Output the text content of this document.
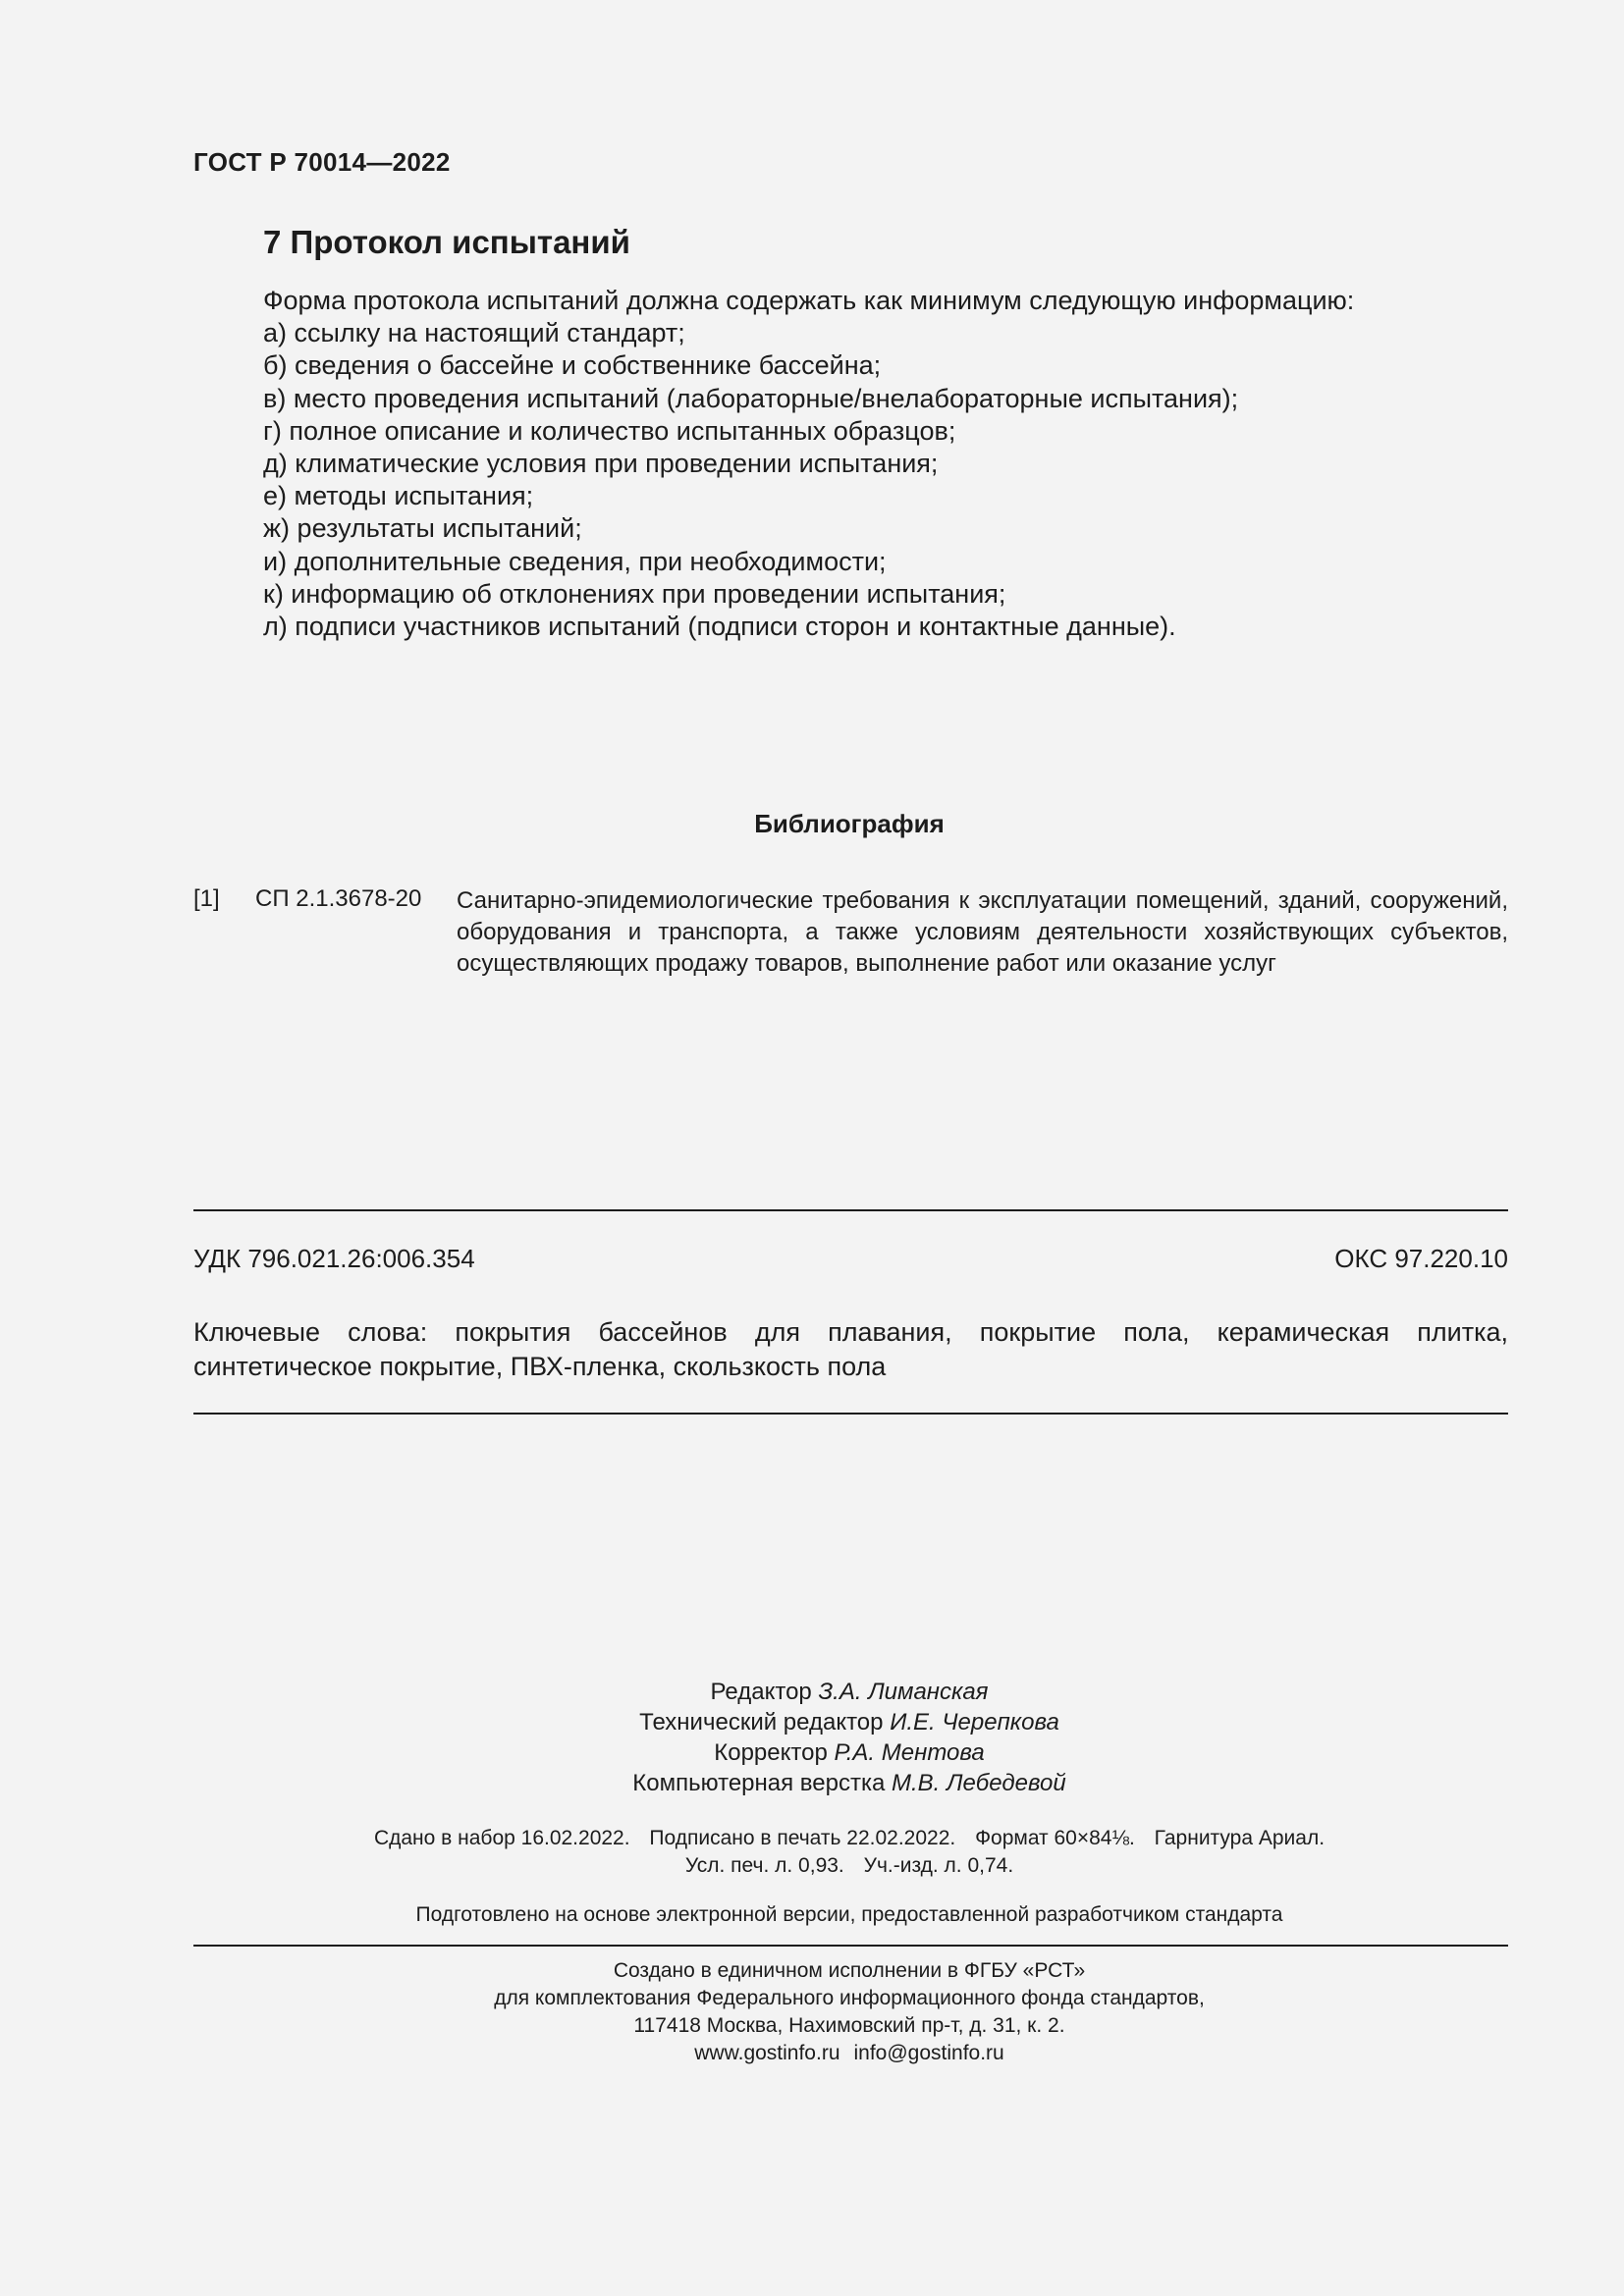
ГОСТ Р 70014—2022
7 Протокол испытаний
Форма протокола испытаний должна содержать как минимум следующую информацию:
а) ссылку на настоящий стандарт;
б) сведения о бассейне и собственнике бассейна;
в) место проведения испытаний (лабораторные/внелабораторные испытания);
г) полное описание и количество испытанных образцов;
д) климатические условия при проведении испытания;
е) методы испытания;
ж) результаты испытаний;
и) дополнительные сведения, при необходимости;
к) информацию об отклонениях при проведении испытания;
л) подписи участников испытаний (подписи сторон и контактные данные).
Библиография
[1] СП 2.1.3678-20 Санитарно-эпидемиологические требования к эксплуатации помещений, зданий, сооружений, оборудования и транспорта, а также условиям деятельности хозяйствующих субъектов, осуществляющих продажу товаров, выполнение работ или оказание услуг
УДК 796.021.26:006.354	ОКС 97.220.10
Ключевые слова: покрытия бассейнов для плавания, покрытие пола, керамическая плитка, синтетическое покрытие, ПВХ-пленка, скользкость пола
Редактор З.А. Лиманская
Технический редактор И.Е. Черепкова
Корректор Р.А. Ментова
Компьютерная верстка М.В. Лебедевой
Сдано в набор 16.02.2022. Подписано в печать 22.02.2022. Формат 60×84⅛. Гарнитура Ариал.
Усл. печ. л. 0,93. Уч.-изд. л. 0,74.
Подготовлено на основе электронной версии, предоставленной разработчиком стандарта
Создано в единичном исполнении в ФГБУ «РСТ»
для комплектования Федерального информационного фонда стандартов,
117418 Москва, Нахимовский пр-т, д. 31, к. 2.
www.gostinfo.ru info@gostinfo.ru
